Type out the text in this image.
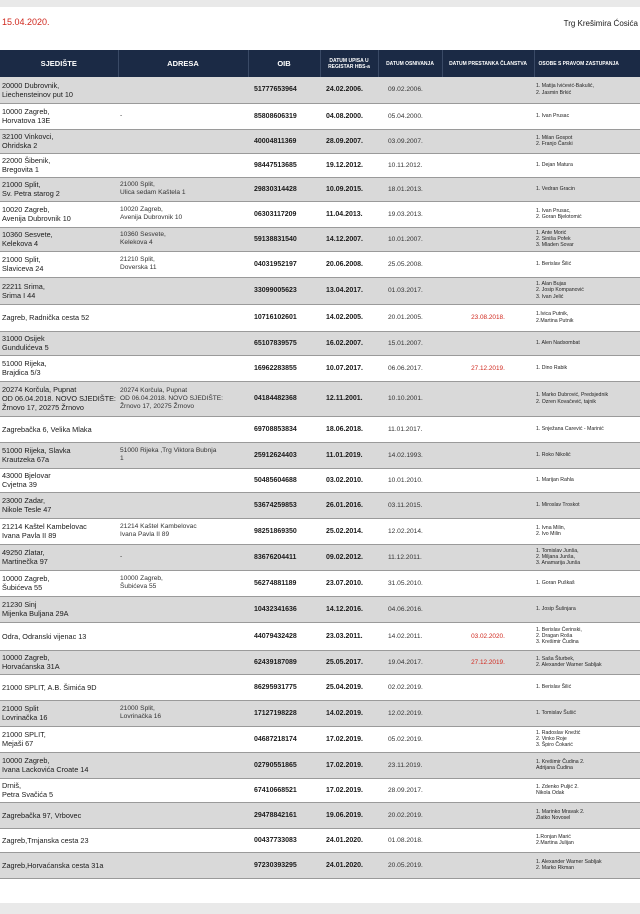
15.04.2020.	Trg Krešimira Ćosića
SJEDIŠTE	ADRESA	OIB	DATUM UPISA U REGISTAR HBS-a	DATUM OSNIVANJA	DATUM PRESTANKA ČLANSTVA	OSOBE S PRAVOM ZASTUPANJA
20000 Dubrovnik,
Liechensteinov put 10		51777653964	24.02.2006.	09.02.2006.		1. Matija Ivićević-Bakulić,
2. Jasmin Brkić
10000 Zagreb,
Horvatova 13E	-	85808606319	04.08.2000.	05.04.2000.		1. Ivan Prusac
32100 Vinkovci,
Ohridska 2		40004811369	28.09.2007.	03.09.2007.		1. Milan Gospot
2. Franjo Čarski
22000 Šibenik,
Bregovita 1		98447513685	19.12.2012.	10.11.2012.		1. Dejan Matura
21000 Split,
Sv. Petra starog 2	21000 Split,
Ulica sedam Kaštela 1	29830314428	10.09.2015.	18.01.2013.		1. Vedran Gracin
10020 Zagreb,
Avenija Dubrovnik 10	10020 Zagreb,
Avenija Dubrovnik 10	06303117209	11.04.2013.	19.03.2013.		1. Ivan Prusac,
2. Goran Bjelotomić
10360 Sesvete,
Kelekova 4	10360 Sesvete,
Kelekova 4	59138831540	14.12.2007.	10.01.2007.		1. Ante Morić
2. Siniša Pofek
3. Mladen Sovar
21000 Split,
Slaviceva 24	21210 Split,
Doverska 11	04031952197	20.06.2008.	25.05.2008.		1. Berislav Šilić
22211 Srima,
Srima I 44		33099005623	13.04.2017.	01.03.2017.		1. Alan Bujas
2. Josip Kompanović
3. Ivan Jelić
Zagreb, Radnička cesta 52		10716102601	14.02.2005.	20.01.2005.	23.08.2018.	1.Ivica Putnik,
2.Martina Putnik
31000 Osijek
Gundulićeva 5		65107839575	16.02.2007.	15.01.2007.		1. Alen Nadsombat
51000 Rijeka,
Brajdica 5/3		16962283855	10.07.2017.	06.06.2017.	27.12.2019.	1. Dino Rabik
20274 Korčula, Pupnat
OD 06.04.2018. NOVO SJEDIŠTE:
Žrnovo 17, 20275 Žrnovo	20274 Korčula, Pupnat
OD 06.04.2018. NOVO SJEDIŠTE:
Žrnovo 17, 20275 Žrnovo	04184482368	12.11.2001.	10.10.2001.		1. Marko Dubrović, Predsjednik
2. Ozren Kovačević, tajnik
Zagrebačka 6, Velika Mlaka		69708853834	18.06.2018.	11.01.2017.		1. Snježana Carević - Marinić
51000 Rijeka, Slavka
Krautzeka 67a	51000 Rijeka ,Trg Viktora Bubnja
1	25912624403	11.01.2019.	14.02.1993.		1. Roko Nikolić
43000 Bjelovar
Cvjetna 39		50485604688	03.02.2010.	10.01.2010.		1. Marijan Rahla
23000 Zadar,
Nikole Tesle 47		53674259853	26.01.2016.	03.11.2015.		1. Miroslav Troskot
21214 Kaštel Kambelovac
Ivana Pavla II 89	21214 Kaštel Kambelovac
Ivana Pavla II 89	98251869350	25.02.2014.	12.02.2014.		1. Ivna Milin,
2. Ivo Milin
49250 Zlatar,
Martinečka 97	-	83676204411	09.02.2012.	11.12.2011.		1. Tomislav Junša,
2. Miljana Junša,
3. Anamarija Junša
10000 Zagreb,
Šubićeva 55	10000 Zagreb,
Šubićeva 55	56274881189	23.07.2010.	31.05.2010.		1. Goran Puškaš
21230 Sinj
Mijenka Buljana 29A		10432341636	14.12.2016.	04.06.2016.		1. Josip Šušnjara
Odra, Odranski vijenac 13		44079432428	23.03.2011.	14.02.2011.	03.02.2020.	1. Berislav Ćerinski,
2. Dragan Roša
3. Krešimir Čudina
10000 Zagreb,
Horvaćanska 31A		62439187089	25.05.2017.	19.04.2017.	27.12.2019.	1. Saša Šturbek,
2. Alexander Warner Sabljak
21000 SPLIT, A.B. Šimića 9D		86295931775	25.04.2019.	02.02.2019.		1. Berislav Šilić
21000 Split
Lovrinačka 16	21000 Split,
Lovrinačka 16	17127198228	14.02.2019.	12.02.2019.		1. Tomislav Šušić
21000 SPLIT,
Mejaši 67		04687218174	17.02.2019.	05.02.2019.		1. Radoslav Knežić
2. Vinko Roje
3. Špiro Čokarić
10000 Zagreb,
Ivana Lackovića Croate 14		02790551865	17.02.2019.	23.11.2019.		1. Krešimir Čudina 2.
Adrijana Čudina
Drniš,
Petra Svačića 5		67410668521	17.02.2019.	28.09.2017.		1. Zdenko Puljić 2.
Nikola Odak
Zagrebačka 97, Vrbovec		29478842161	19.06.2019.	20.02.2019.		1. Marinko Mravak 2.
Zlatko Novosel
Zagreb,Trnjanska cesta 23		00437733083	24.01.2020.	01.08.2018.		1.Ronjan Marić
2.Martina Julijan
Zagreb,Horvaćanska cesta 31a		97230393295	24.01.2020.	20.05.2019.		1. Alexander Warner Sabljak
2. Marko Rkman
